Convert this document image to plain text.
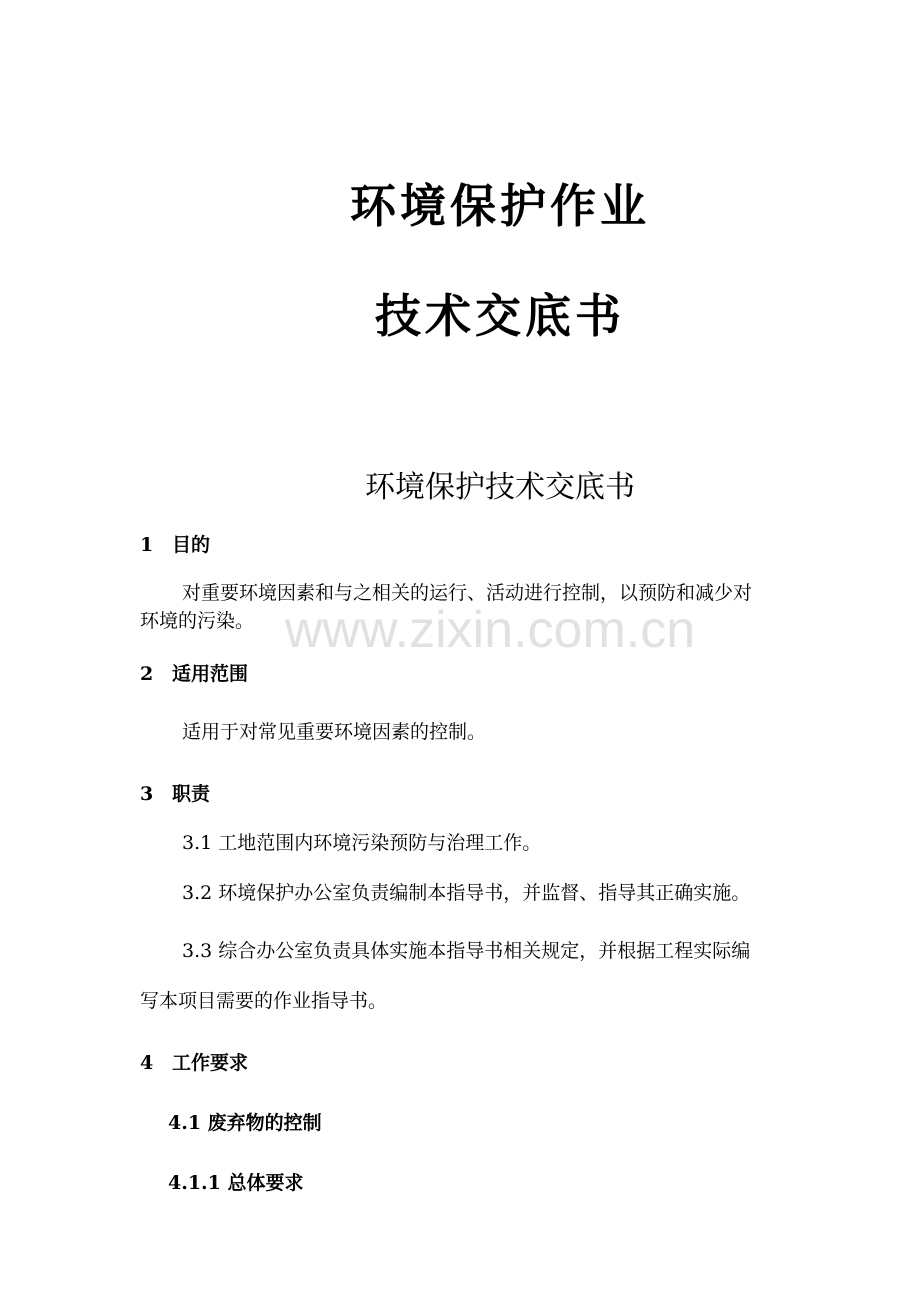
环境保护作业
技术交底书
环境保护技术交底书
1 目的
对重要环境因素和与之相关的运行、活动进行控制，以预防和减少对
环境的污染。 www.zixin.com.cn
2 适用范围
适用于对常见重要环境因素的控制。
3 职责
3.1 工地范围内环境污染预防与治理工作。
3.2 环境保护办公室负责编制本指导书，并监督、指导其正确实施。
3.3 综合办公室负责具体实施本指导书相关规定，并根据工程实际编
写本项目需要的作业指导书。
4 工作要求
4.1 废弃物的控制
4.1.1 总体要求
